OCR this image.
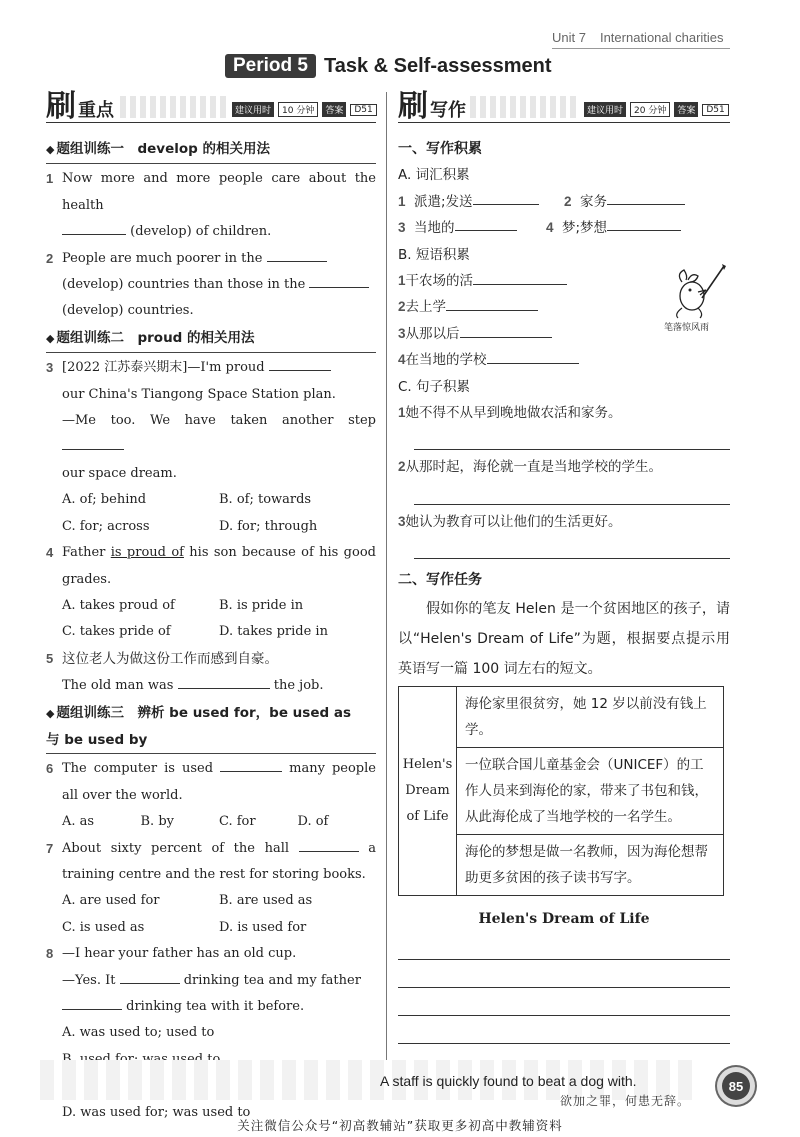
Unit 7 International charities
Period 5 Task & Self-assessment
刷 重点	建议用时	10 分钟	答案	D51 刷 写作	建议用时	20 分钟	答案	D51
◆ 题组训练一　develop 的相关用法
1 Now more and more people care about the health
(develop) of children.
2 People are much poorer in the
(develop) countries than those in the
(develop) countries.
◆ 题组训练二　proud 的相关用法
3 [2022 江苏泰兴期末]—I'm proud
our China's Tiangong Space Station plan.
—Me too. We have taken another step
our space dream.
A. of; behind	B. of; towards
C. for; across	D. for; through
4 Father is proud of his son because of his good grades.
A. takes proud of	B. is pride in
C. takes pride of	D. takes pride in
5 这位老人为做这份工作而感到自豪。
The old man was	the job.
◆ 题组训练三　辨析 be used for，be used as
与 be used by
6 The computer is used	many people all over the world.
A. as	B. by	C. for	D. of
7 About sixty percent of the hall	a training centre and the rest for storing books.
A. are used for	B. are used as
C. is used as	D. is used for
8 —I hear your father has an old cup.
—Yes. It	drinking tea and my father
drinking tea with it before.
A. was used to; used to
D. was used for; was used to
一、写作积累
A. 词汇积累
1 派遣;发送	2 家务
3 当地的	4 梦;梦想
B. 短语积累
1干农场的活
2去上学
3从那以后
4在当地的学校
C. 句子积累
1她不得不从早到晚地做农活和家务。
2从那时起，海伦就一直是当地学校的学生。
3她认为教育可以让他们的生活更好。
二、写作任务
假如你的笔友 Helen 是一个贫困地区的孩子，请以“Helen's Dream of Life”为题，根据要点提示用英语写一篇 100 词左右的短文。
Helen's
Dream
of Life	海伦家里很贫穷，她 12 岁以前没有钱上学。
一位联合国儿童基金会（UNICEF）的工作人员来到海伦的家，带来了书包和钱，从此海伦成了当地学校的一名学生。
海伦的梦想是做一名教师，因为海伦想帮助更多贫困的孩子读书写字。
Helen's Dream of Life
笔落惊风雨
A staff is quickly found to beat a dog with.
欲加之罪，何患无辞。
85
关注微信公众号“初高教辅站”获取更多初高中教辅资料
